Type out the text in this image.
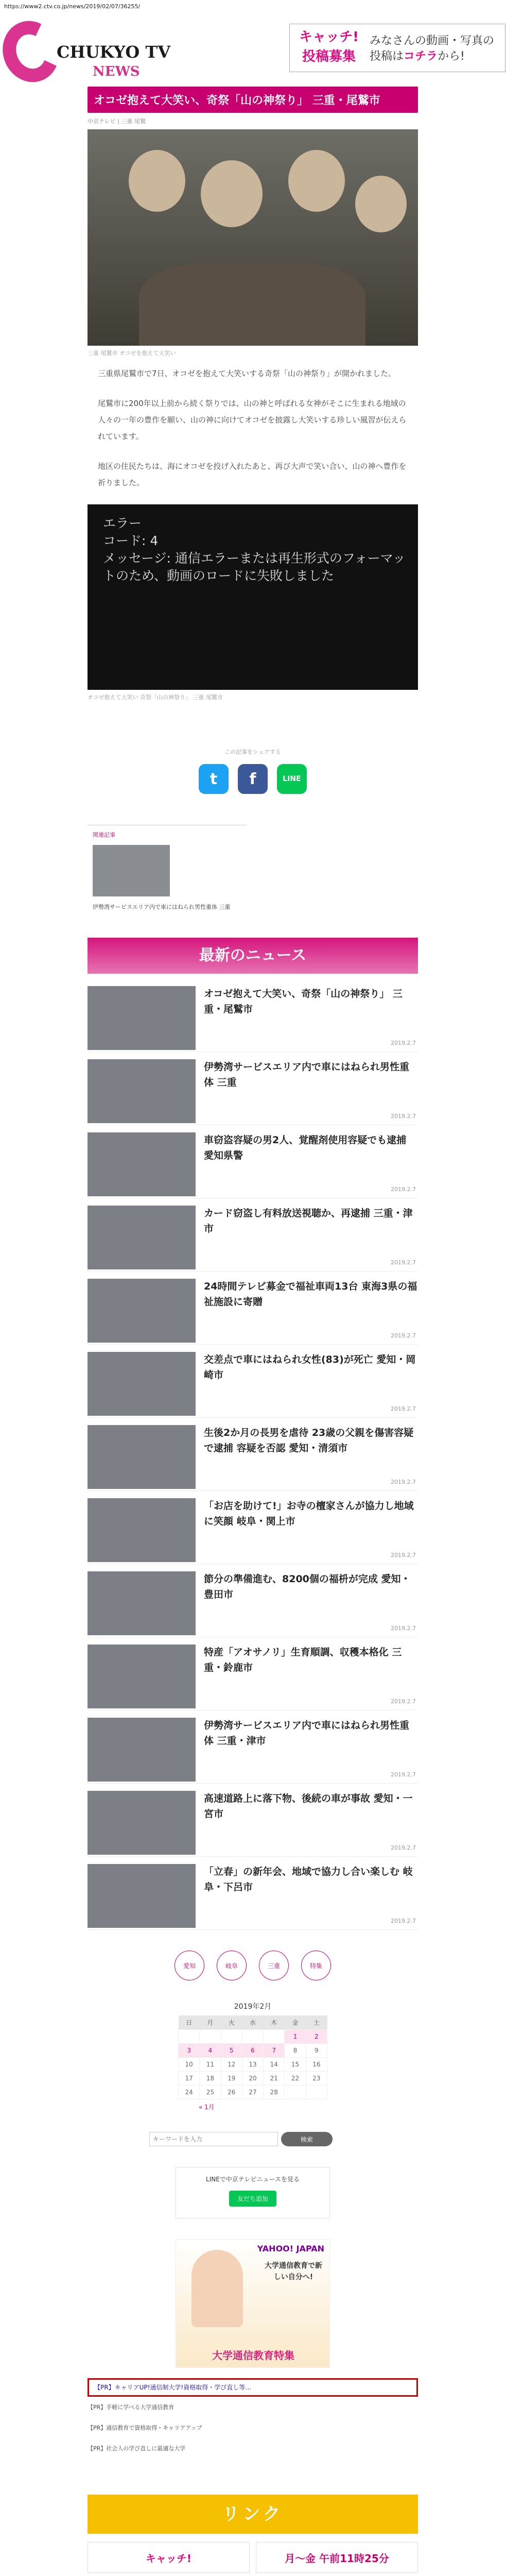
https://www2.ctv.co.jp/news/2019/02/07/36255/
CHUKYO TV
NEWS
キャッチ! 投稿募集
みなさんの動画・写真の
投稿はコチラから!
オコゼ抱えて大笑い、奇祭「山の神祭り」 三重・尾鷲市
中京テレビ | 三重 尾鷲
三重 尾鷲市 オコゼを抱えて大笑い

三重県尾鷲市で7日、オコゼを抱えて大笑いする奇祭「山の神祭り」が開かれました。

尾鷲市に200年以上前から続く祭りでは、山の神と呼ばれる女神がそこに生まれる地域の人々の一年の豊作を願い、山の神に向けてオコゼを披露し大笑いする珍しい風習が伝えられています。

地区の住民たちは、海にオコゼを投げ入れたあと、再び大声で笑い合い、山の神へ豊作を祈りました。

エラー
コード: 4
メッセージ: 通信エラーまたは再生形式のフォーマットのため、動画のロードに失敗しました
オコゼ抱えて大笑い 奇祭「山の神祭り」 三重 尾鷲市
この記事をシェアする
t	f	LINE
関連記事
伊勢湾サービスエリア内で車にはねられ男性重体 三重
最新のニュース
オコゼ抱えて大笑い、奇祭「山の神祭り」 三重・尾鷲市
2019.2.7
伊勢湾サービスエリア内で車にはねられ男性重体 三重
2019.2.7
車窃盗容疑の男2人、覚醒剤使用容疑でも逮捕 愛知県警
2019.2.7
カード窃盗し有料放送視聴か、再逮捕 三重・津市
2019.2.7
24時間テレビ募金で福祉車両13台 東海3県の福祉施設に寄贈
2019.2.7
交差点で車にはねられ女性(83)が死亡 愛知・岡崎市
2019.2.7
生後2か月の長男を虐待 23歳の父親を傷害容疑で逮捕 容疑を否認 愛知・清須市
2019.2.7
「お店を助けて!」お寺の檀家さんが協力し地域に笑顔 岐阜・関上市
2019.2.7
節分の準備進む、8200個の福枡が完成 愛知・豊田市
2019.2.7
特産「アオサノリ」生育順調、収穫本格化 三重・鈴鹿市
2019.2.7
伊勢湾サービスエリア内で車にはねられ男性重体 三重・津市
2019.2.7
高速道路上に落下物、後続の車が事故 愛知・一宮市
2019.2.7
「立春」の新年会、地域で協力し合い楽しむ 岐阜・下呂市
2019.2.7
愛知	岐阜	三重	特集
2019年2月
日	月	火	水	木	金	土
					1	2
3	4	5	6	7	8	9
10	11	12	13	14	15	16
17	18	19	20	21	22	23
24	25	26	27	28		
« 1月
キーワードを入力
検索
LINEで中京テレビニュースを見る
友だち追加
YAHOO! JAPAN
大学通信教育で新しい自分へ!
大学通信教育特集
【PR】キャリアUP!通信制大学!資格取得・学び直し等…
【PR】手軽に学べる大学通信教育
【PR】通信教育で資格取得・キャリアアップ
【PR】社会人の学び直しに最適な大学
リンク
キャッチ!	月～金 午前11時25分
